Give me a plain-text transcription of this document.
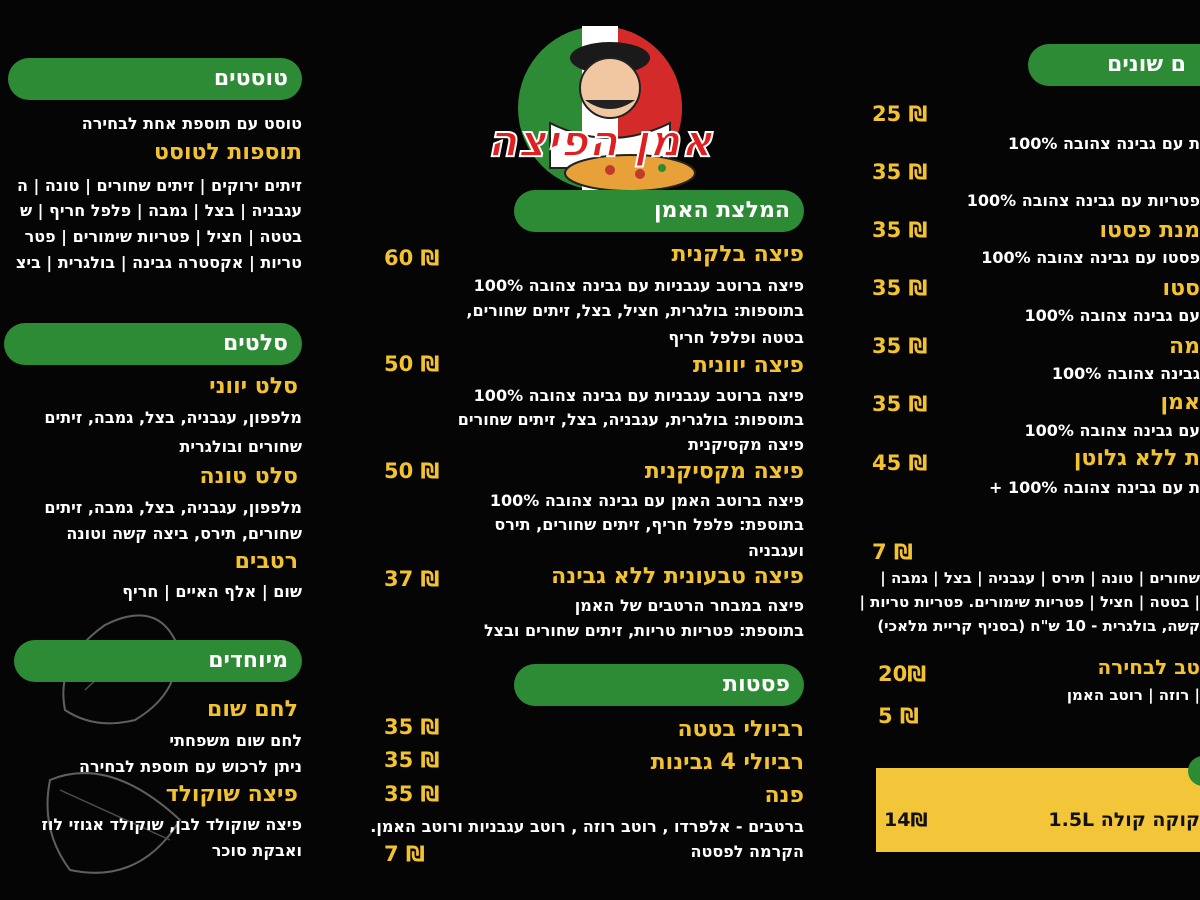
טוסטים
טוסט עם תוספת אחת לבחירה
תוספות לטוסט
זיתים ירוקים | זיתים שחורים | טונה | ה
עגבניה | בצל | גמבה | פלפל חריף | ש
בטטה | חציל | פטריות שימורים | פטר
טריות | אקסטרה גבינה | בולגרית | ביצ
סלטים
סלט יווני
מלפפון, עגבניה, בצל, גמבה, זיתים
שחורים ובולגרית
סלט טונה
מלפפון, עגבניה, בצל, גמבה, זיתים
שחורים, תירס, ביצה קשה וטונה
רטבים
שום | אלף האיים | חריף
מיוחדים
לחם שום
לחם שום משפחתי
ניתן לרכוש עם תוספת לבחירה
פיצה שוקולד
פיצה שוקולד לבן, שוקולד אגוזי לוז
ואבקת סוכר
אמן הפיצה
המלצת האמן
פיצה בלקנית
60 ₪
פיצה ברוטב עגבניות עם גבינה צהובה 100%
בתוספות: בולגרית, חציל, בצל, זיתים שחורים,
בטטה ופלפל חריף
פיצה יוונית
50 ₪
פיצה ברוטב עגבניות עם גבינה צהובה 100%
בתוספות: בולגרית, עגבניה, בצל, זיתים שחורים
פיצה מקסיקנית
פיצה מקסיקנית
50 ₪
פיצה ברוטב האמן עם גבינה צהובה 100%
בתוספת: פלפל חריף, זיתים שחורים, תירס
ועגבניה
פיצה טבעונית ללא גבינה
37 ₪
פיצה במבחר הרטבים של האמן
בתוספת: פטריות טריות, זיתים שחורים ובצל
פסטות
רביולי בטטה
35 ₪
רביולי 4 גבינות
35 ₪
פנה
35 ₪
ברטבים - אלפרדו , רוטב רוזה , רוטב עגבניות ורוטב האמן.
הקרמה לפסטה
7 ₪
ם שונים
25 ₪
35 ₪
35 ₪
35 ₪
35 ₪
35 ₪
45 ₪
ת עם גבינה צהובה 100%
פטריות עם גבינה צהובה 100%
מנת פסטו
פסטו עם גבינה צהובה 100%
סטו
עם גבינה צהובה 100%
מה
גבינה צהובה 100%
אמן
עם גבינה צהובה 100%
ת ללא גלוטן
ת עם גבינה צהובה 100% +
7 ₪
שחורים | טונה | תירס | עגבניה | בצל | גמבה |
| בטטה | חציל | פטריות שימורים. פטריות טריות |
קשה, בולגרית - 10 ש"ח (בסניף קריית מלאכי)
טב לבחירה
20₪
| רוזה | רוטב האמן
5 ₪
קוקה קולה 1.5L
14₪
